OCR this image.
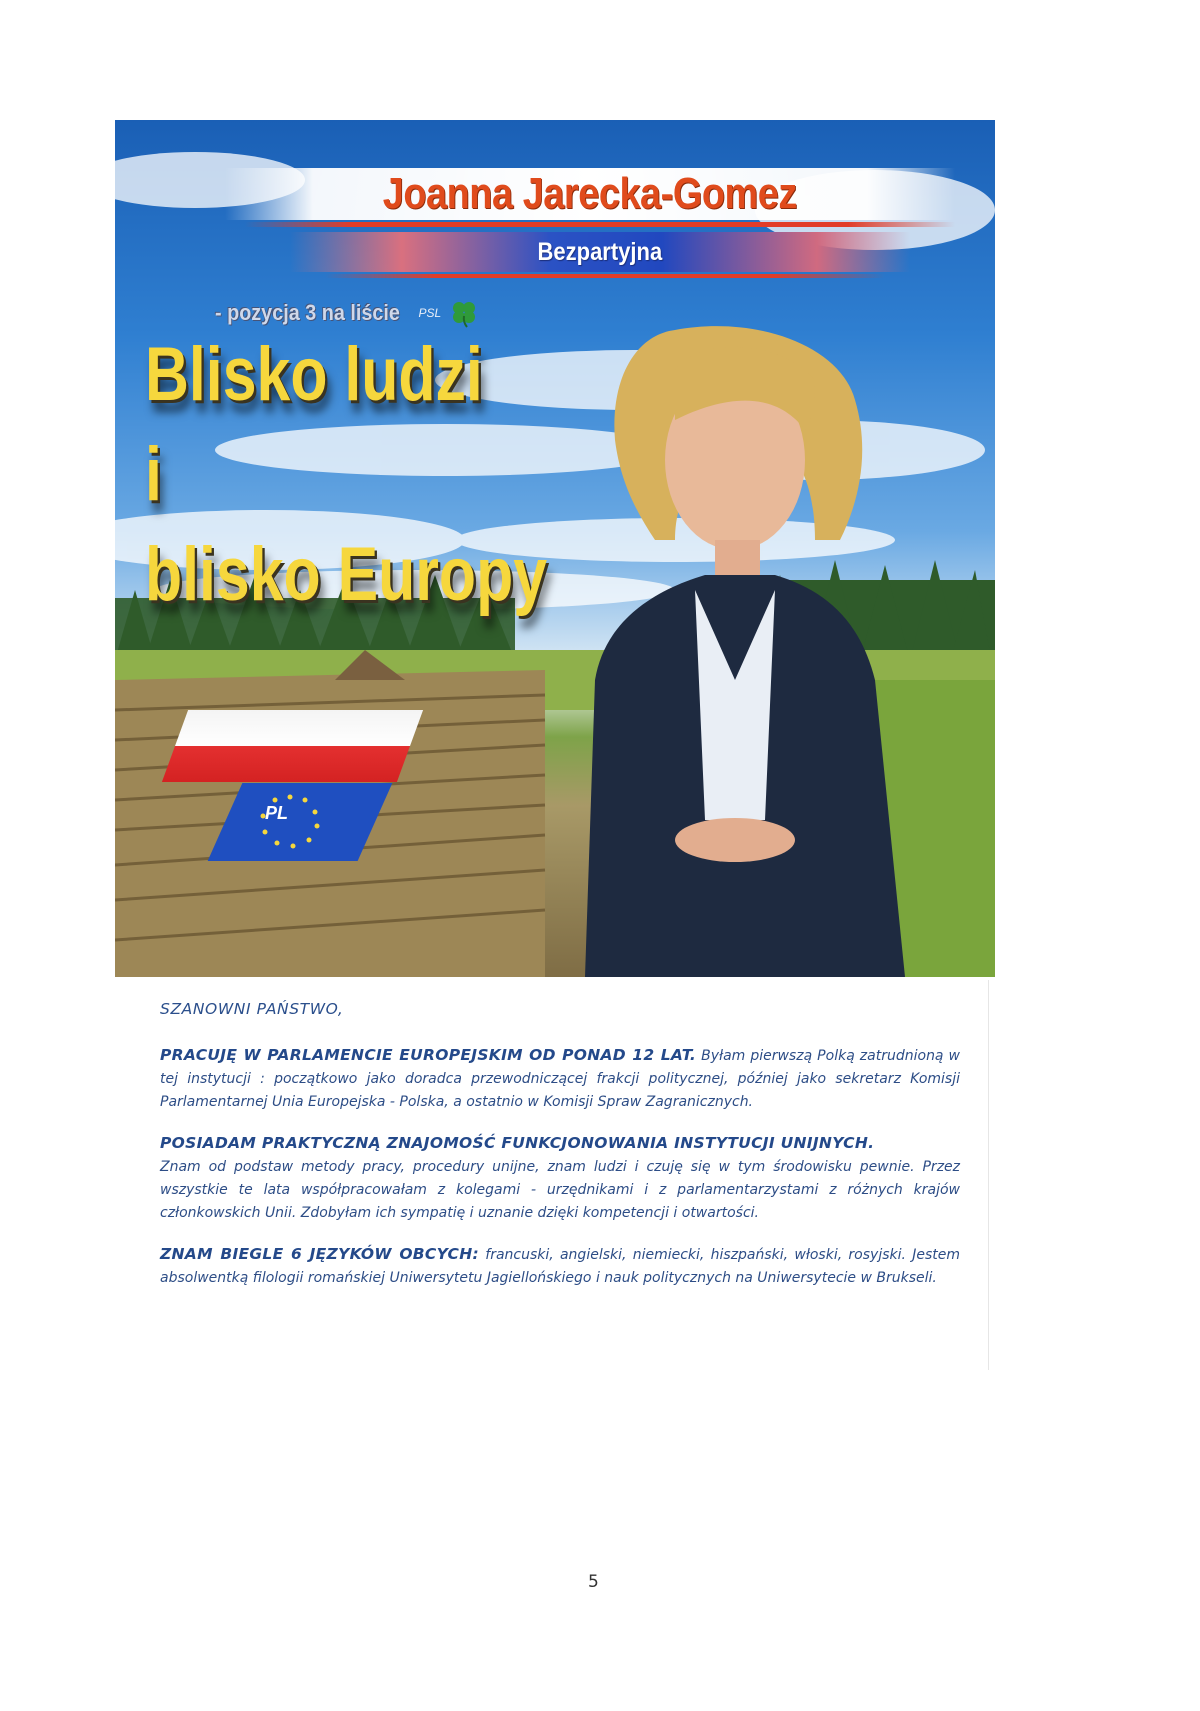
Joanna Jarecka-Gomez
Bezpartyjna
- pozycja 3 na liście PSL
Blisko ludzi
i
blisko Europy
PL

SZANOWNI PAŃSTWO,

PRACUJĘ W PARLAMENCIE EUROPEJSKIM OD PONAD 12 LAT. Byłam pierwszą Polką zatrudnioną w tej instytucji : początkowo jako doradca przewodniczącej frakcji politycznej, później jako sekretarz Komisji Parlamentarnej Unia Europejska - Polska, a ostatnio w Komisji Spraw Zagranicznych.

POSIADAM PRAKTYCZNĄ ZNAJOMOŚĆ FUNKCJONOWANIA INSTYTUCJI UNIJNYCH.
Znam od podstaw metody pracy, procedury unijne, znam ludzi i czuję się w tym środowisku pewnie. Przez wszystkie te lata współpracowałam z kolegami - urzędnikami i z parlamentarzystami z różnych krajów członkowskich Unii. Zdobyłam ich sympatię i uznanie dzięki kompetencji i otwartości.

ZNAM BIEGLE 6 JĘZYKÓW OBCYCH: francuski, angielski, niemiecki, hiszpański, włoski, rosyjski. Jestem absolwentką filologii romańskiej Uniwersytetu Jagiellońskiego i nauk politycznych na Uniwersytecie w Brukseli.

5
